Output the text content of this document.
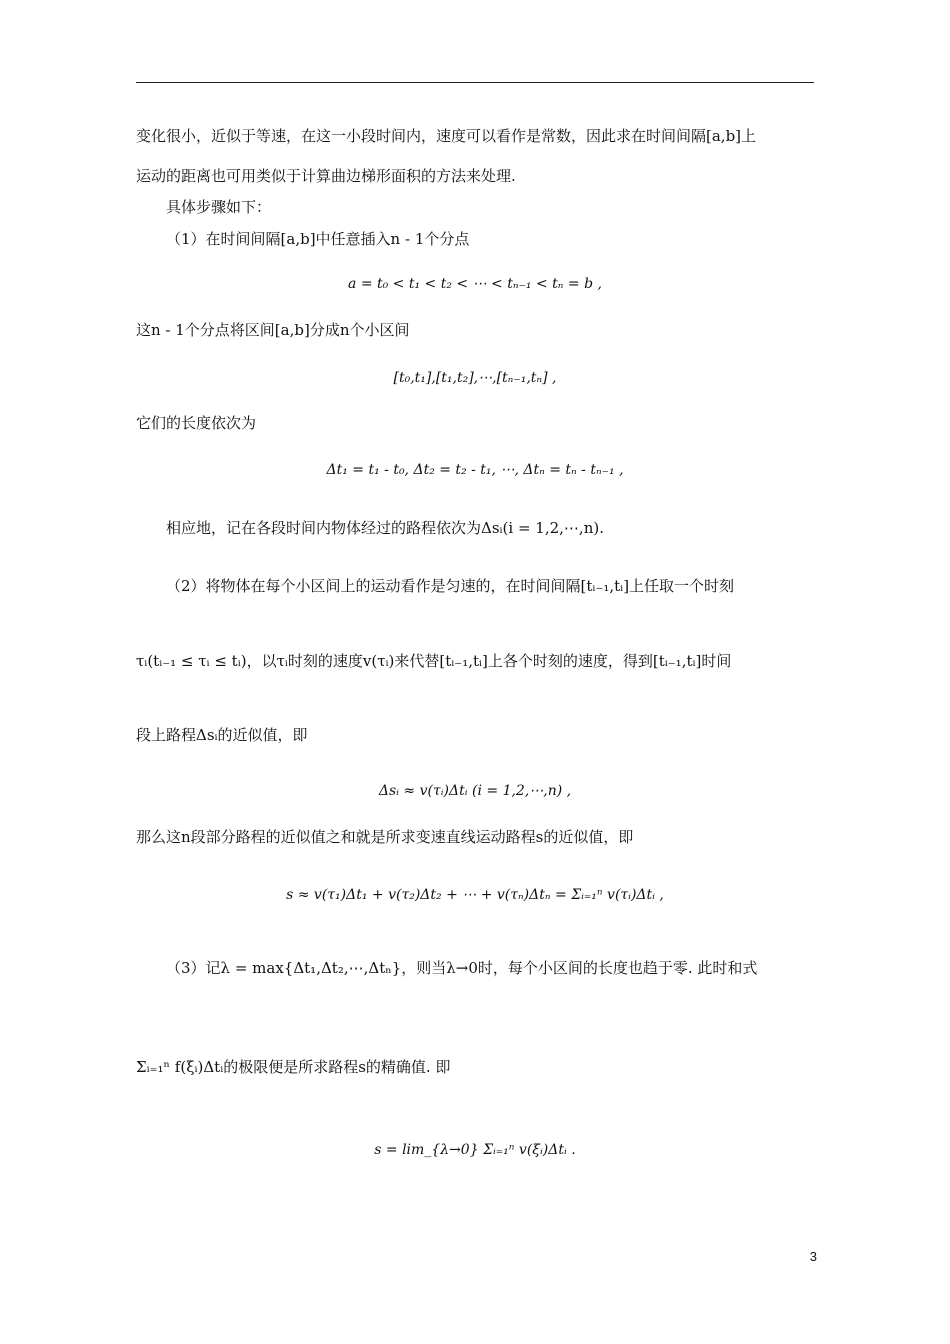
变化很小，近似于等速，在这一小段时间内，速度可以看作是常数，因此求在时间间隔[a,b]上
运动的距离也可用类似于计算曲边梯形面积的方法来处理.
具体步骤如下：
（1）在时间间隔[a,b]中任意插入n - 1个分点
a = t₀ < t₁ < t₂ < ⋯ < tₙ₋₁ < tₙ = b ,
这n - 1个分点将区间[a,b]分成n个小区间
[t₀,t₁],[t₁,t₂],⋯,[tₙ₋₁,tₙ] ,
它们的长度依次为
Δt₁ = t₁ - t₀, Δt₂ = t₂ - t₁, ⋯, Δtₙ = tₙ - tₙ₋₁ ,
相应地，记在各段时间内物体经过的路程依次为Δsᵢ(i = 1,2,⋯,n).
（2）将物体在每个小区间上的运动看作是匀速的，在时间间隔[tᵢ₋₁,tᵢ]上任取一个时刻
τᵢ(tᵢ₋₁ ≤ τᵢ ≤ tᵢ)，以τᵢ时刻的速度v(τᵢ)来代替[tᵢ₋₁,tᵢ]上各个时刻的速度，得到[tᵢ₋₁,tᵢ]时间
段上路程Δsᵢ的近似值，即
Δsᵢ ≈ v(τᵢ)Δtᵢ (i = 1,2,⋯,n) ,
那么这n段部分路程的近似值之和就是所求变速直线运动路程s的近似值，即
s ≈ v(τ₁)Δt₁ + v(τ₂)Δt₂ + ⋯ + v(τₙ)Δtₙ = Σᵢ₌₁ⁿ v(τᵢ)Δtᵢ ,
（3）记λ = max{Δt₁,Δt₂,⋯,Δtₙ}，则当λ→0时，每个小区间的长度也趋于零. 此时和式
Σᵢ₌₁ⁿ f(ξᵢ)Δtᵢ的极限便是所求路程s的精确值. 即
s = lim_{λ→0} Σᵢ₌₁ⁿ v(ξᵢ)Δtᵢ .
3
